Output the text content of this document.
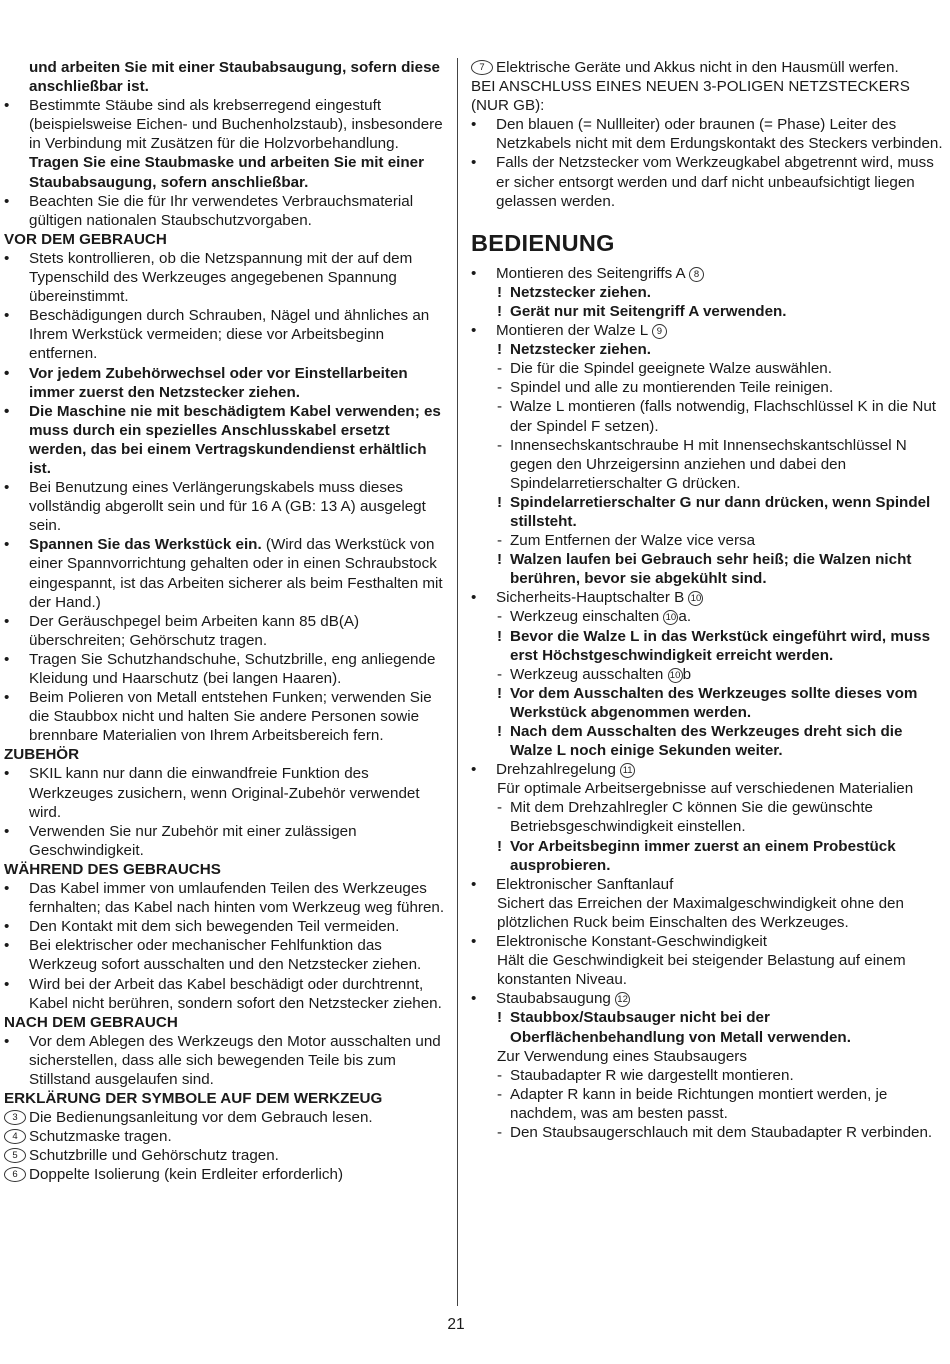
und arbeiten Sie mit einer Staubabsaugung, sofern diese anschließbar ist.

•	Bestimmte Stäube sind als krebserregend eingestuft (beispielsweise Eichen- und Buchenholzstaub), insbesondere in Verbindung mit Zusätzen für die Holzvorbehandlung. Tragen Sie eine Staubmaske und arbeiten Sie mit einer Staubabsaugung, sofern anschließbar.

•	Beachten Sie die für Ihr verwendetes Verbrauchsmaterial gültigen nationalen Staubschutzvorgaben.

VOR DEM GEBRAUCH

•	Stets kontrollieren, ob die Netzspannung mit der auf dem Typenschild des Werkzeuges angegebenen Spannung übereinstimmt.

•	Beschädigungen durch Schrauben, Nägel und ähnliches an Ihrem Werkstück vermeiden; diese vor Arbeitsbeginn entfernen.

•	Vor jedem Zubehörwechsel oder vor Einstellarbeiten immer zuerst den Netzstecker ziehen.

•	Die Maschine nie mit beschädigtem Kabel verwenden; es muss durch ein spezielles Anschlusskabel ersetzt werden, das bei einem Vertragskundendienst erhältlich ist.

•	Bei Benutzung eines Verlängerungskabels muss dieses vollständig abgerollt sein und für 16 A (GB: 13 A) ausgelegt sein.

•	Spannen Sie das Werkstück ein. (Wird das Werkstück von einer Spannvorrichtung gehalten oder in einen Schraubstock eingespannt, ist das Arbeiten sicherer als beim Festhalten mit der Hand.)

•	Der Geräuschpegel beim Arbeiten kann 85 dB(A) überschreiten; Gehörschutz tragen.

•	Tragen Sie Schutzhandschuhe, Schutzbrille, eng anliegende Kleidung und Haarschutz (bei langen Haaren).

•	Beim Polieren von Metall entstehen Funken; verwenden Sie die Staubbox nicht und halten Sie andere Personen sowie brennbare Materialien von Ihrem Arbeitsbereich fern.

ZUBEHÖR

•	SKIL kann nur dann die einwandfreie Funktion des Werkzeuges zusichern, wenn Original-Zubehör verwendet wird.

•	Verwenden Sie nur Zubehör mit einer zulässigen Geschwindigkeit.

WÄHREND DES GEBRAUCHS

•	Das Kabel immer von umlaufenden Teilen des Werkzeuges fernhalten; das Kabel nach hinten vom Werkzeug weg führen.

•	Den Kontakt mit dem sich bewegenden Teil vermeiden.

•	Bei elektrischer oder mechanischer Fehlfunktion das Werkzeug sofort ausschalten und den Netzstecker ziehen.

•	Wird bei der Arbeit das Kabel beschädigt oder durchtrennt, Kabel nicht berühren, sondern sofort den Netzstecker ziehen.

NACH DEM GEBRAUCH

•	Vor dem Ablegen des Werkzeugs den Motor ausschalten und sicherstellen, dass alle sich bewegenden Teile bis zum Stillstand ausgelaufen sind.

ERKLÄRUNG DER SYMBOLE AUF DEM WERKZEUG

3 Die Bedienungsanleitung vor dem Gebrauch lesen.

4 Schutzmaske tragen.

5 Schutzbrille und Gehörschutz tragen.

6 Doppelte Isolierung (kein Erdleiter erforderlich)

7 Elektrische Geräte und Akkus nicht in den Hausmüll werfen.

BEI ANSCHLUSS EINES NEUEN 3-POLIGEN NETZSTECKERS (NUR GB):

•	Den blauen (= Nullleiter) oder braunen (= Phase) Leiter des Netzkabels nicht mit dem Erdungskontakt des Steckers verbinden.

•	Falls der Netzstecker vom Werkzeugkabel abgetrennt wird, muss er sicher entsorgt werden und darf nicht unbeaufsichtigt liegen gelassen werden.

BEDIENUNG

•	Montieren des Seitengriffs A 8

! Netzstecker ziehen.

! Gerät nur mit Seitengriff A verwenden.

•	Montieren der Walze L 9

! Netzstecker ziehen.

- Die für die Spindel geeignete Walze auswählen.

- Spindel und alle zu montierenden Teile reinigen.

- Walze L montieren (falls notwendig, Flachschlüssel K in die Nut der Spindel F setzen).

- Innensechskantschraube H mit Innensechskantschlüssel N gegen den Uhrzeigersinn anziehen und dabei den Spindelarretierschalter G drücken.

! Spindelarretierschalter G nur dann drücken, wenn Spindel stillsteht.

- Zum Entfernen der Walze vice versa

! Walzen laufen bei Gebrauch sehr heiß; die Walzen nicht berühren, bevor sie abgekühlt sind.

•	Sicherheits-Hauptschalter B 10

- Werkzeug einschalten 10 a.

! Bevor die Walze L in das Werkstück eingeführt wird, muss erst Höchstgeschwindigkeit erreicht werden.

- Werkzeug ausschalten 10 b

! Vor dem Ausschalten des Werkzeuges sollte dieses vom Werkstück abgenommen werden.

! Nach dem Ausschalten des Werkzeuges dreht sich die Walze L noch einige Sekunden weiter.

•	Drehzahlregelung 11

Für optimale Arbeitsergebnisse auf verschiedenen Materialien

- Mit dem Drehzahlregler C können Sie die gewünschte Betriebsgeschwindigkeit einstellen.

! Vor Arbeitsbeginn immer zuerst an einem Probestück ausprobieren.

•	Elektronischer Sanftanlauf

Sichert das Erreichen der Maximalgeschwindigkeit ohne den plötzlichen Ruck beim Einschalten des Werkzeuges.

•	Elektronische Konstant-Geschwindigkeit

Hält die Geschwindigkeit bei steigender Belastung auf einem konstanten Niveau.

•	Staubabsaugung 12

! Staubbox/Staubsauger nicht bei der Oberflächenbehandlung von Metall verwenden.

Zur Verwendung eines Staubsaugers

- Staubadapter R wie dargestellt montieren.

- Adapter R kann in beide Richtungen montiert werden, je nachdem, was am besten passt.

- Den Staubsaugerschlauch mit dem Staubadapter R verbinden.

21
